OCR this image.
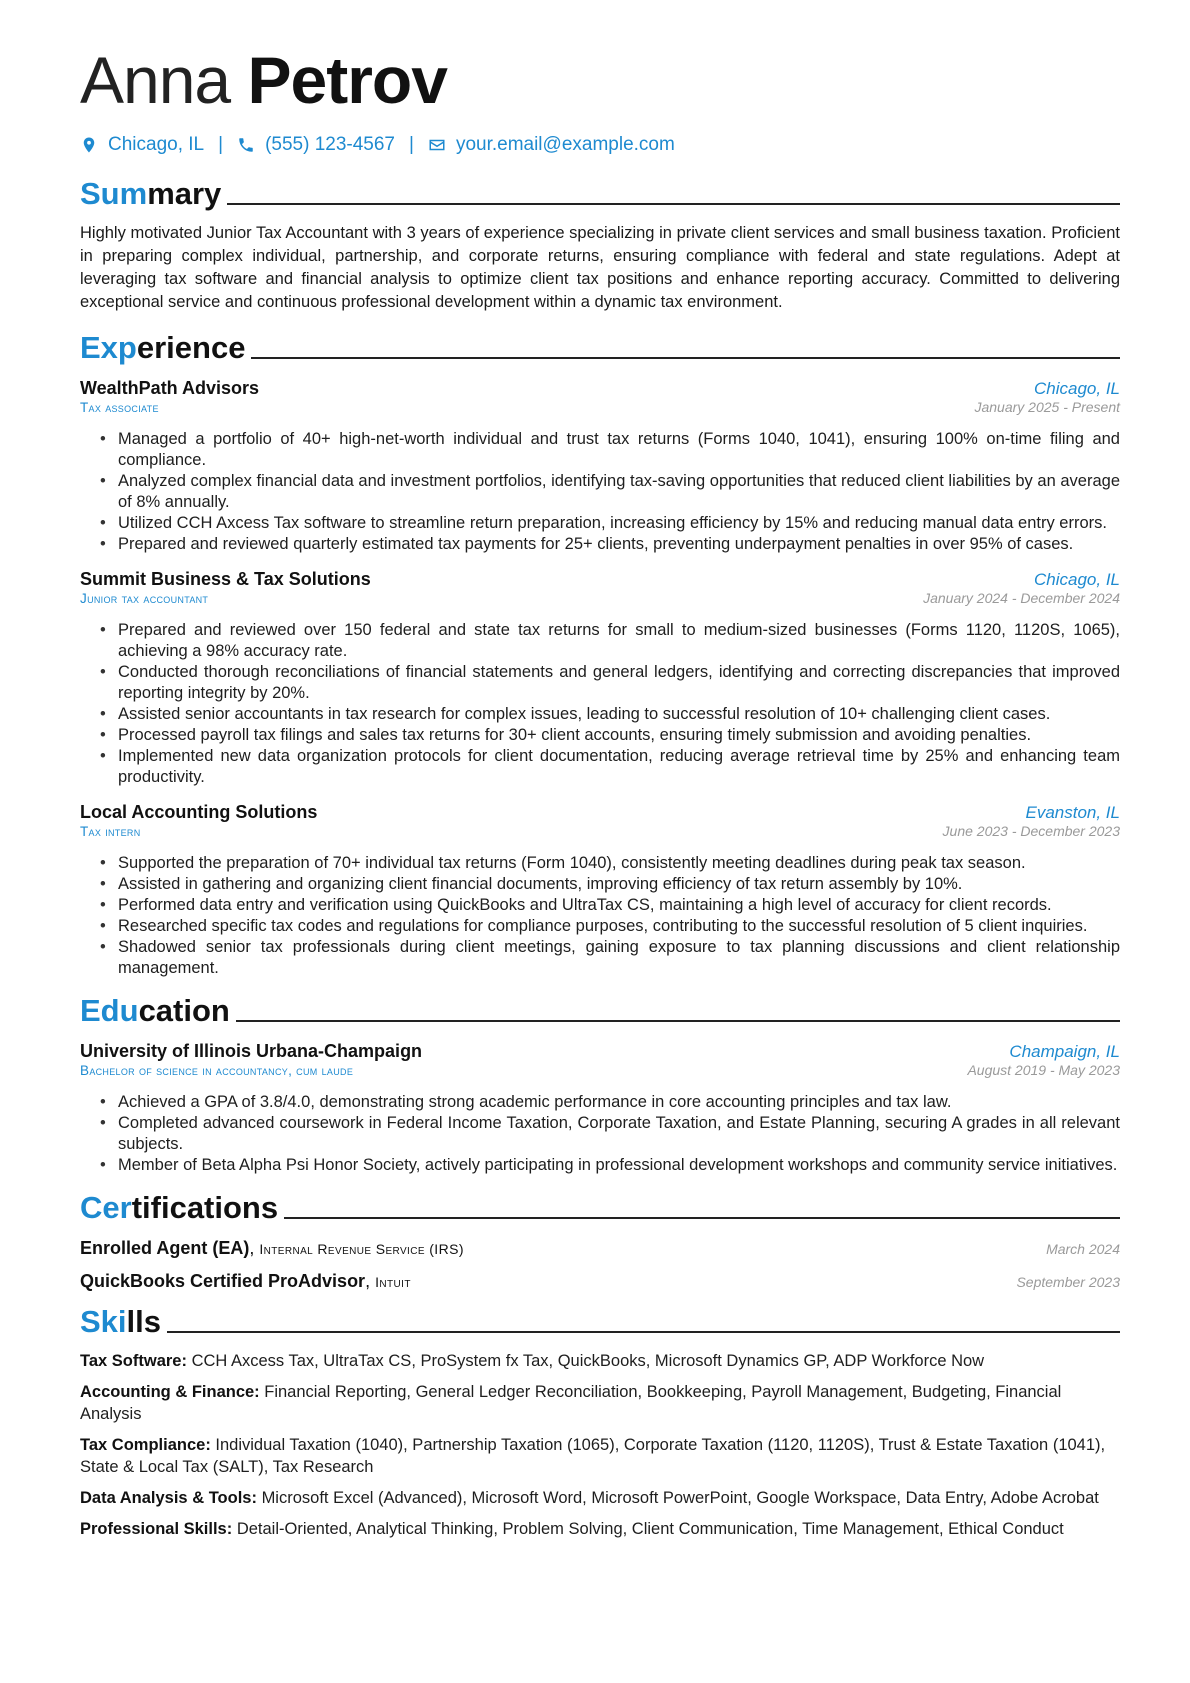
Anna Petrov
Chicago, IL | (555) 123-4567 | your.email@example.com
Summary

Highly motivated Junior Tax Accountant with 3 years of experience specializing in private client services and small business taxation. Proficient in preparing complex individual, partnership, and corporate returns, ensuring compliance with federal and state regulations. Adept at leveraging tax software and financial analysis to optimize client tax positions and enhance reporting accuracy. Committed to delivering exceptional service and continuous professional development within a dynamic tax environment.

Experience
WealthPath Advisors	Chicago, IL
Tax associate	January 2025 - Present
• Managed a portfolio of 40+ high-net-worth individual and trust tax returns (Forms 1040, 1041), ensuring 100% on-time filing and compliance.
• Analyzed complex financial data and investment portfolios, identifying tax-saving opportunities that reduced client liabilities by an average of 8% annually.
• Utilized CCH Axcess Tax software to streamline return preparation, increasing efficiency by 15% and reducing manual data entry errors.
• Prepared and reviewed quarterly estimated tax payments for 25+ clients, preventing underpayment penalties in over 95% of cases.
Summit Business & Tax Solutions	Chicago, IL
Junior tax accountant	January 2024 - December 2024
• Prepared and reviewed over 150 federal and state tax returns for small to medium-sized businesses (Forms 1120, 1120S, 1065), achieving a 98% accuracy rate.
• Conducted thorough reconciliations of financial statements and general ledgers, identifying and correcting discrepancies that improved reporting integrity by 20%.
• Assisted senior accountants in tax research for complex issues, leading to successful resolution of 10+ challenging client cases.
• Processed payroll tax filings and sales tax returns for 30+ client accounts, ensuring timely submission and avoiding penalties.
• Implemented new data organization protocols for client documentation, reducing average retrieval time by 25% and enhancing team productivity.
Local Accounting Solutions	Evanston, IL
Tax intern	June 2023 - December 2023
• Supported the preparation of 70+ individual tax returns (Form 1040), consistently meeting deadlines during peak tax season.
• Assisted in gathering and organizing client financial documents, improving efficiency of tax return assembly by 10%.
• Performed data entry and verification using QuickBooks and UltraTax CS, maintaining a high level of accuracy for client records.
• Researched specific tax codes and regulations for compliance purposes, contributing to the successful resolution of 5 client inquiries.
• Shadowed senior tax professionals during client meetings, gaining exposure to tax planning discussions and client relationship management.
Education
University of Illinois Urbana-Champaign	Champaign, IL
Bachelor of science in accountancy, cum laude	August 2019 - May 2023
• Achieved a GPA of 3.8/4.0, demonstrating strong academic performance in core accounting principles and tax law.
• Completed advanced coursework in Federal Income Taxation, Corporate Taxation, and Estate Planning, securing A grades in all relevant subjects.
• Member of Beta Alpha Psi Honor Society, actively participating in professional development workshops and community service initiatives.
Certifications
Enrolled Agent (EA), Internal Revenue Service (IRS)	March 2024
QuickBooks Certified ProAdvisor, Intuit	September 2023
Skills
Tax Software: CCH Axcess Tax, UltraTax CS, ProSystem fx Tax, QuickBooks, Microsoft Dynamics GP, ADP Workforce Now
Accounting & Finance: Financial Reporting, General Ledger Reconciliation, Bookkeeping, Payroll Management, Budgeting, Financial Analysis
Tax Compliance: Individual Taxation (1040), Partnership Taxation (1065), Corporate Taxation (1120, 1120S), Trust & Estate Taxation (1041), State & Local Tax (SALT), Tax Research
Data Analysis & Tools: Microsoft Excel (Advanced), Microsoft Word, Microsoft PowerPoint, Google Workspace, Data Entry, Adobe Acrobat
Professional Skills: Detail-Oriented, Analytical Thinking, Problem Solving, Client Communication, Time Management, Ethical Conduct
